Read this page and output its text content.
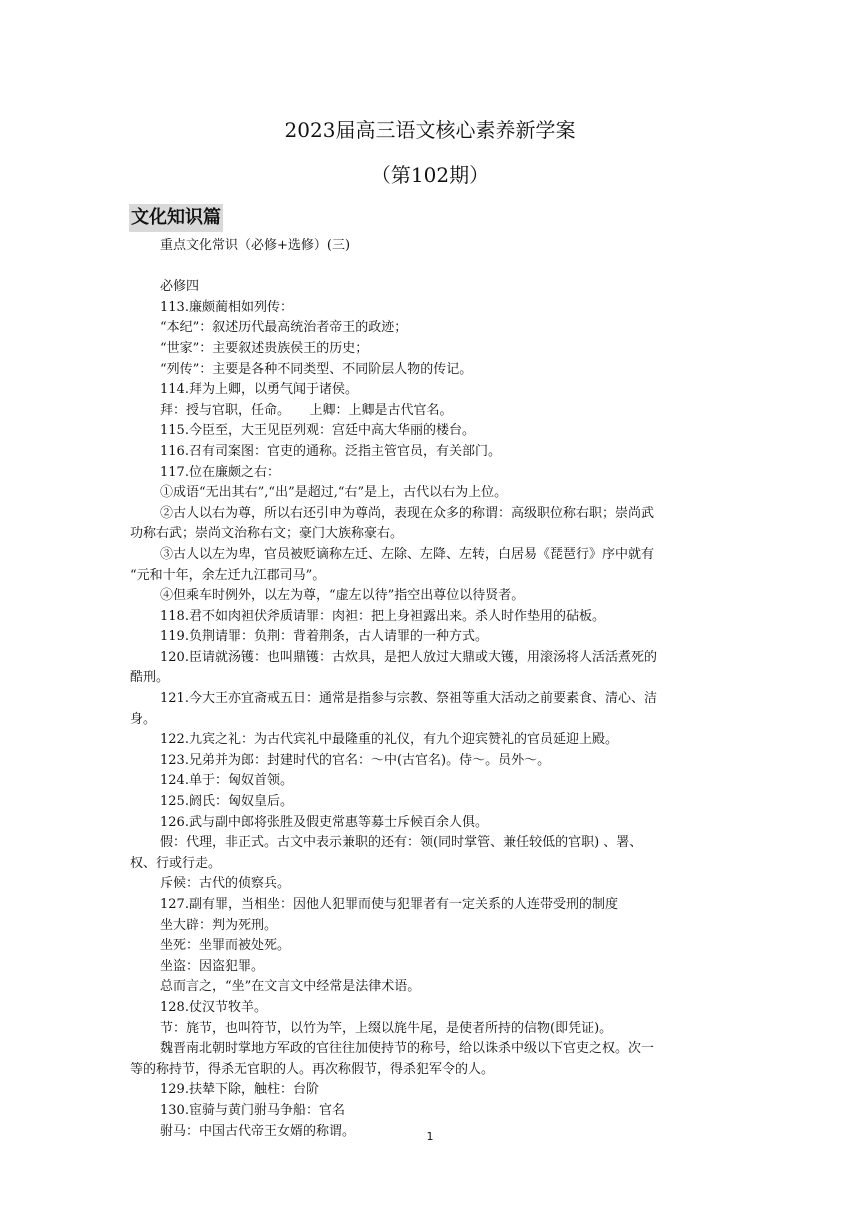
2023届高三语文核心素养新学案
（第102期）
文化知识篇
重点文化常识（必修+选修）(三)
必修四
113.廉颇蔺相如列传：
“本纪”：叙述历代最高统治者帝王的政迹；
“世家”：主要叙述贵族侯王的历史；
“列传”：主要是各种不同类型、不同阶层人物的传记。
114.拜为上卿，以勇气闻于诸侯。
拜：授与官职，任命。　　上卿：上卿是古代官名。
115.今臣至，大王见臣列观：宫廷中高大华丽的楼台。
116.召有司案图：官吏的通称。泛指主管官员，有关部门。
117.位在廉颇之右：
①成语“无出其右”,“出”是超过,“右”是上，古代以右为上位。
②古人以右为尊，所以右还引申为尊尚，表现在众多的称谓：高级职位称右职；崇尚武
功称右武；崇尚文治称右文；豪门大族称豪右。
③古人以左为卑，官员被贬谪称左迁、左除、左降、左转，白居易《琵琶行》序中就有
“元和十年，余左迁九江郡司马”。
④但乘车时例外，以左为尊，“虚左以待”指空出尊位以待贤者。
118.君不如肉袒伏斧质请罪：肉袒：把上身袒露出来。杀人时作垫用的砧板。
119.负荆请罪：负荆：背着荆条，古人请罪的一种方式。
120.臣请就汤镬：也叫鼎镬：古炊具，是把人放过大鼎或大镬，用滚汤将人活活煮死的
酷刑。
121.今大王亦宜斋戒五日：通常是指参与宗教、祭祖等重大活动之前要素食、清心、洁
身。
122.九宾之礼：为古代宾礼中最隆重的礼仪，有九个迎宾赞礼的官员延迎上殿。
123.兄弟并为郎：封建时代的官名：～中(古官名)。侍～。员外～。
124.单于：匈奴首领。
125.阏氏：匈奴皇后。
126.武与副中郎将张胜及假吏常惠等募士斥候百余人俱。
假：代理，非正式。古文中表示兼职的还有：领(同时掌管、兼任较低的官职) 、署、
权、行或行走。
斥候：古代的侦察兵。
127.副有罪，当相坐：因他人犯罪而使与犯罪者有一定关系的人连带受刑的制度
坐大辟：判为死刑。
坐死：坐罪而被处死。
坐盗：因盗犯罪。
总而言之，“坐”在文言文中经常是法律术语。
128.仗汉节牧羊。
节：旄节，也叫符节，以竹为竿，上缀以旄牛尾，是使者所持的信物(即凭证)。
魏晋南北朝时掌地方军政的官往往加使持节的称号，给以诛杀中级以下官吏之权。次一
等的称持节，得杀无官职的人。再次称假节，得杀犯军令的人。
129.扶辇下除，触柱：台阶
130.宦骑与黄门驸马争船：官名
驸马：中国古代帝王女婿的称谓。	1
